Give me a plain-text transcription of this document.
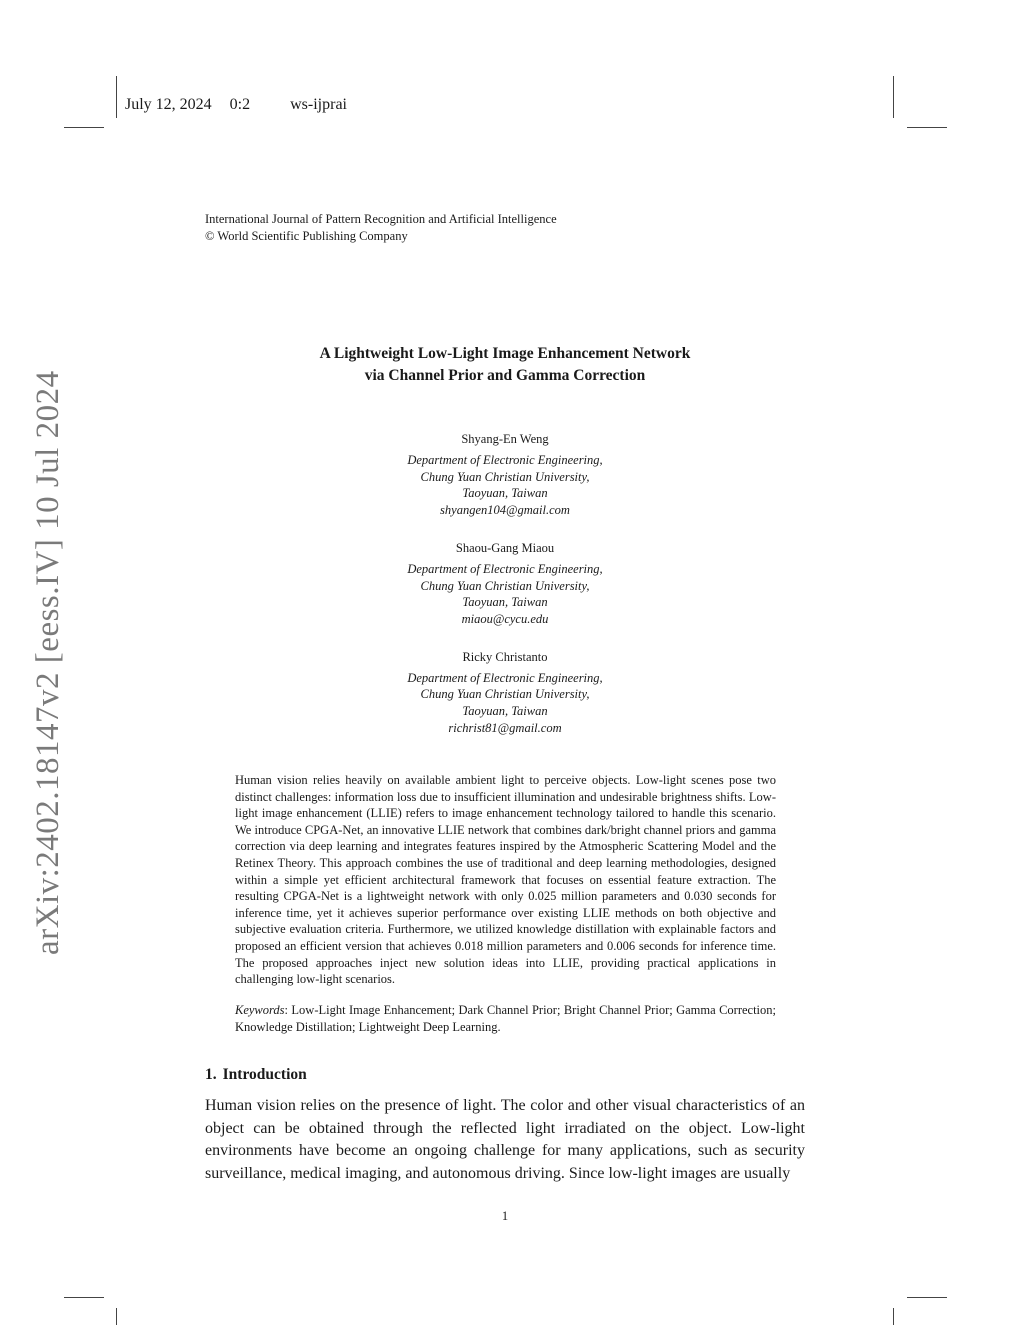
July 12, 2024 0:2	ws-ijprai
International Journal of Pattern Recognition and Artificial Intelligence
© World Scientific Publishing Company
arXiv:2402.18147v2 [eess.IV] 10 Jul 2024
A Lightweight Low-Light Image Enhancement Network
via Channel Prior and Gamma Correction
Shyang-En Weng
Department of Electronic Engineering,
Chung Yuan Christian University,
Taoyuan, Taiwan
shyangen104@gmail.com
Shaou-Gang Miaou
Department of Electronic Engineering,
Chung Yuan Christian University,
Taoyuan, Taiwan
miaou@cycu.edu
Ricky Christanto
Department of Electronic Engineering,
Chung Yuan Christian University,
Taoyuan, Taiwan
richrist81@gmail.com

Human vision relies heavily on available ambient light to perceive objects. Low-light scenes pose two distinct challenges: information loss due to insufficient illumination and undesirable brightness shifts. Low-light image enhancement (LLIE) refers to image enhancement technology tailored to handle this scenario. We introduce CPGA-Net, an innovative LLIE network that combines dark/bright channel priors and gamma correction via deep learning and integrates features inspired by the Atmospheric Scattering Model and the Retinex Theory. This approach combines the use of traditional and deep learning methodologies, designed within a simple yet efficient architectural framework that focuses on essential feature extraction. The resulting CPGA-Net is a lightweight network with only 0.025 million parameters and 0.030 seconds for inference time, yet it achieves superior performance over existing LLIE methods on both objective and subjective evaluation criteria. Furthermore, we utilized knowledge distillation with explainable factors and proposed an efficient version that achieves 0.018 million parameters and 0.006 seconds for inference time. The proposed approaches inject new solution ideas into LLIE, providing practical applications in challenging low-light scenarios.

Keywords: Low-Light Image Enhancement; Dark Channel Prior; Bright Channel Prior; Gamma Correction; Knowledge Distillation; Lightweight Deep Learning.

1. Introduction

Human vision relies on the presence of light. The color and other visual characteristics of an object can be obtained through the reflected light irradiated on the object. Low-light environments have become an ongoing challenge for many applications, such as security surveillance, medical imaging, and autonomous driving. Since low-light images are usually

1
